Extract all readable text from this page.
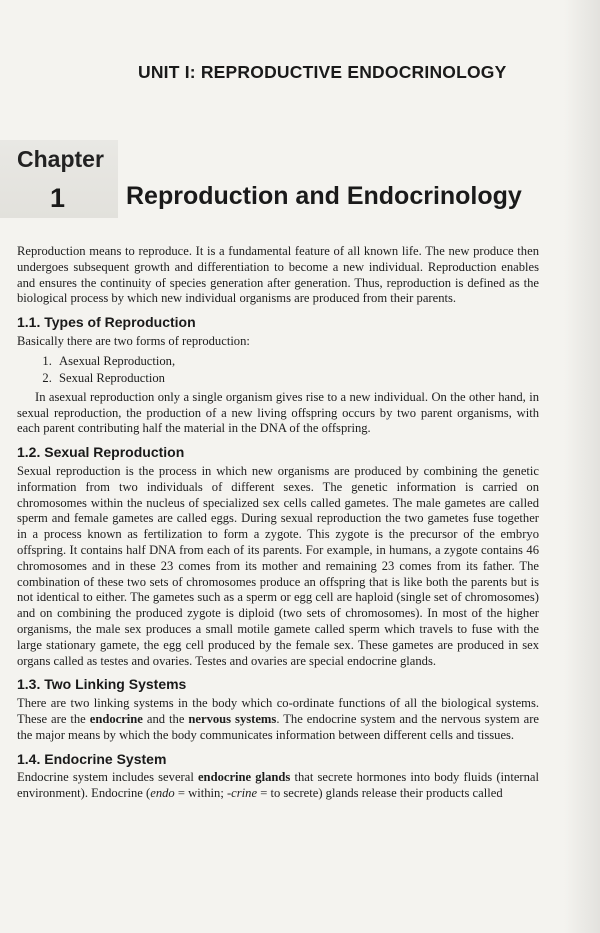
UNIT I: REPRODUCTIVE ENDOCRINOLOGY
Chapter
1 Reproduction and Endocrinology

Reproduction means to reproduce. It is a fundamental feature of all known life. The new produce then undergoes subsequent growth and differentiation to become a new individual. Reproduction enables and ensures the continuity of species generation after generation. Thus, reproduction is defined as the biological process by which new individual organisms are produced from their parents.

1.1. Types of Reproduction

Basically there are two forms of reproduction:

1. Asexual Reproduction,
2. Sexual Reproduction

In asexual reproduction only a single organism gives rise to a new individual. On the other hand, in sexual reproduction, the production of a new living offspring occurs by two parent organisms, with each parent contributing half the material in the DNA of the offspring.

1.2. Sexual Reproduction

Sexual reproduction is the process in which new organisms are produced by combining the genetic information from two individuals of different sexes. The genetic information is carried on chromosomes within the nucleus of specialized sex cells called gametes. The male gametes are called sperm and female gametes are called eggs. During sexual reproduction the two gametes fuse together in a process known as fertilization to form a zygote. This zygote is the precursor of the embryo offspring. It contains half DNA from each of its parents. For example, in humans, a zygote contains 46 chromosomes and in these 23 comes from its mother and remaining 23 comes from its father. The combination of these two sets of chromosomes produce an offspring that is like both the parents but is not identical to either. The gametes such as a sperm or egg cell are haploid (single set of chromosomes) and on combining the produced zygote is diploid (two sets of chromosomes). In most of the higher organisms, the male sex produces a small motile gamete called sperm which travels to fuse with the large stationary gamete, the egg cell produced by the female sex. These gametes are produced in sex organs called as testes and ovaries. Testes and ovaries are special endocrine glands.

1.3. Two Linking Systems

There are two linking systems in the body which co-ordinate functions of all the biological systems. These are the endocrine and the nervous systems. The endocrine system and the nervous system are the major means by which the body communicates information between different cells and tissues.

1.4. Endocrine System

Endocrine system includes several endocrine glands that secrete hormones into body fluids (internal environment). Endocrine (endo = within; -crine = to secrete) glands release their products called
